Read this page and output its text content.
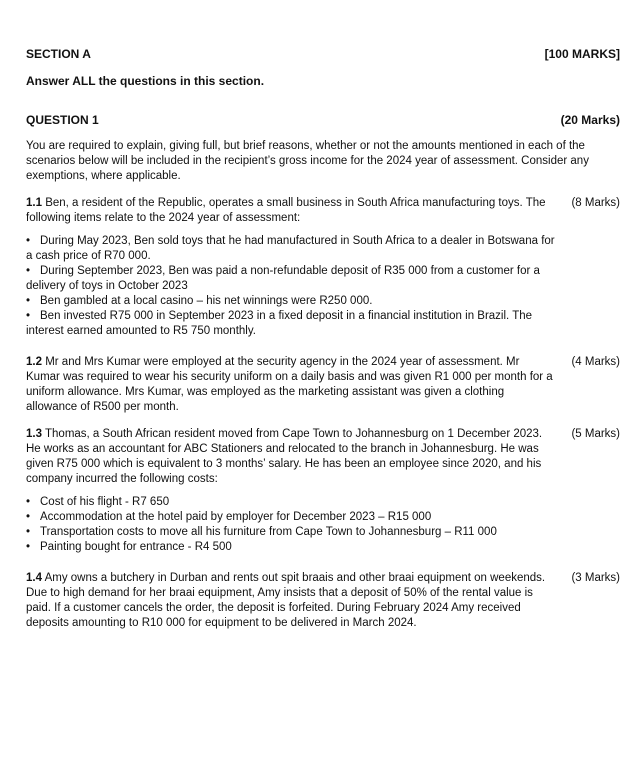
SECTION A	[100 MARKS]
Answer ALL the questions in this section.
QUESTION 1	(20 Marks)
You are required to explain, giving full, but brief reasons, whether or not the amounts mentioned in each of the scenarios below will be included in the recipient’s gross income for the 2024 year of assessment. Consider any exemptions, where applicable.
1.1 Ben, a resident of the Republic, operates a small business in South Africa manufacturing toys. The following items relate to the 2024 year of assessment:
(8 Marks)
• During May 2023, Ben sold toys that he had manufactured in South Africa to a dealer in Botswana for a cash price of R70 000.
• During September 2023, Ben was paid a non-refundable deposit of R35 000 from a customer for a delivery of toys in October 2023
• Ben gambled at a local casino – his net winnings were R250 000.
• Ben invested R75 000 in September 2023 in a fixed deposit in a financial institution in Brazil. The interest earned amounted to R5 750 monthly.
1.2 Mr and Mrs Kumar were employed at the security agency in the 2024 year of assessment. Mr Kumar was required to wear his security uniform on a daily basis and was given R1 000 per month for a uniform allowance. Mrs Kumar, was employed as the marketing assistant was given a clothing allowance of R500 per month.
(4 Marks)
1.3 Thomas, a South African resident moved from Cape Town to Johannesburg on 1 December 2023. He works as an accountant for ABC Stationers and relocated to the branch in Johannesburg. He was given R75 000 which is equivalent to 3 months’ salary. He has been an employee since 2020, and his company incurred the following costs:
(5 Marks)
• Cost of his flight - R7 650
• Accommodation at the hotel paid by employer for December 2023 – R15 000
• Transportation costs to move all his furniture from Cape Town to Johannesburg – R11 000
• Painting bought for entrance - R4 500
1.4 Amy owns a butchery in Durban and rents out spit braais and other braai equipment on weekends. Due to high demand for her braai equipment, Amy insists that a deposit of 50% of the rental value is paid. If a customer cancels the order, the deposit is forfeited. During February 2024 Amy received deposits amounting to R10 000 for equipment to be delivered in March 2024.
(3 Marks)
